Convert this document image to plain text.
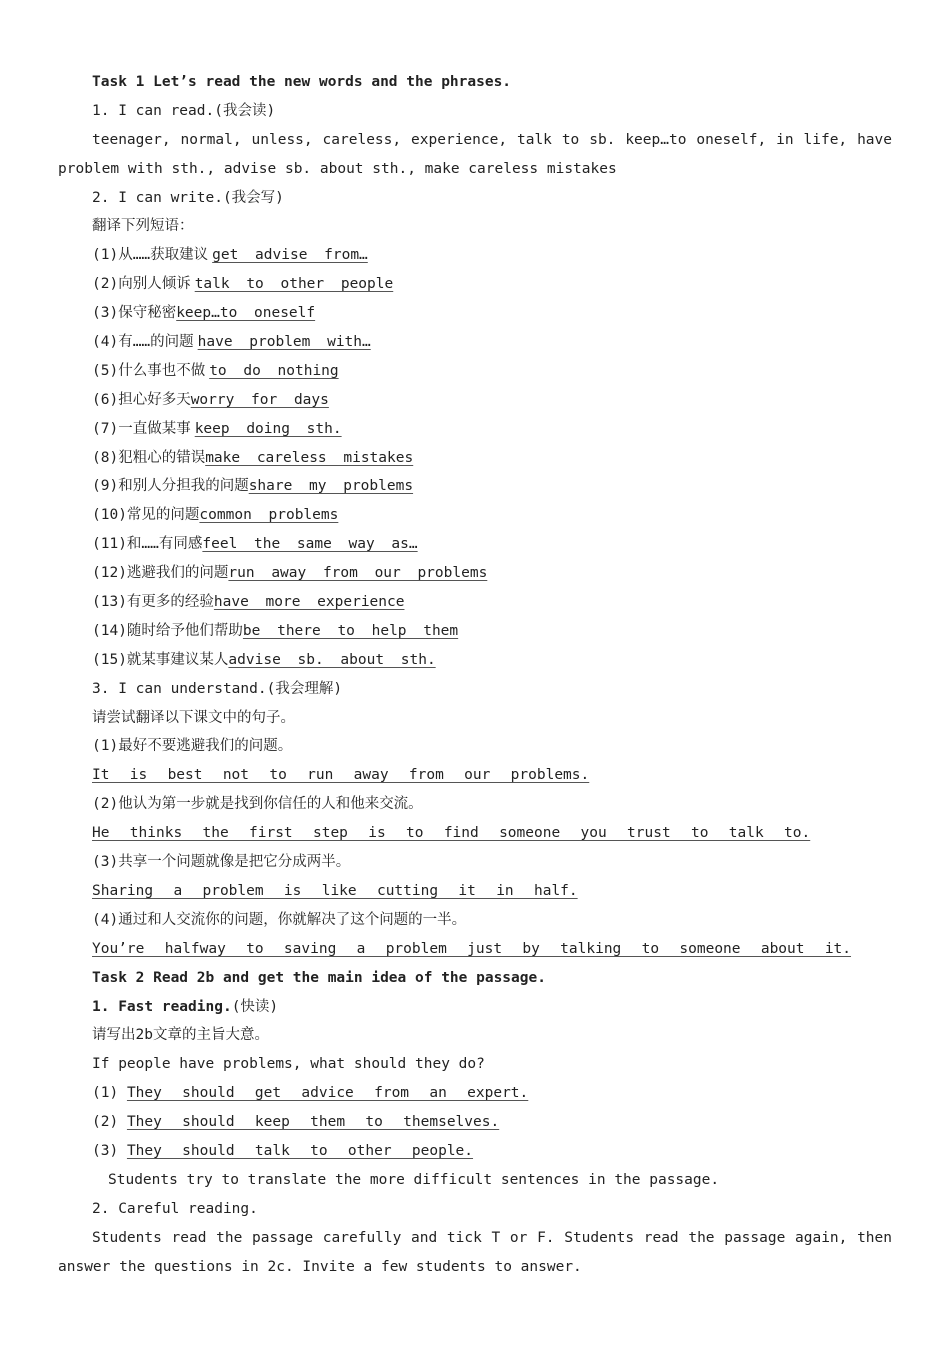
Task 1 Let’s read the new words and the phrases.
1. I can read.(我会读)
teenager, normal, unless, careless, experience, talk to sb. keep…to oneself, in life, have
problem with sth., advise sb. about sth., make careless mistakes
2. I can write.(我会写)
翻译下列短语：
(1)从……获取建议 get advise from…
(2)向别人倾诉 talk to other people
(3)保守秘密keep…to oneself
(4)有……的问题 have problem with…
(5)什么事也不做 to do nothing
(6)担心好多天worry for days
(7)一直做某事 keep doing sth.
(8)犯粗心的错误make careless mistakes
(9)和别人分担我的问题share my problems
(10)常见的问题common problems
(11)和……有同感feel the same way as…
(12)逃避我们的问题run away from our problems
(13)有更多的经验have more experience
(14)随时给予他们帮助be there to help them
(15)就某事建议某人advise sb. about sth.
3. I can understand.(我会理解)
请尝试翻译以下课文中的句子。
(1)最好不要逃避我们的问题。
It is best not to run away from our problems.
(2)他认为第一步就是找到你信任的人和他来交流。
He thinks the first step is to find someone you trust to talk to.
(3)共享一个问题就像是把它分成两半。
Sharing a problem is like cutting it in half.
(4)通过和人交流你的问题，你就解决了这个问题的一半。
You’re halfway to saving a problem just by talking to someone about it.
Task 2 Read 2b and get the main idea of the passage.
1. Fast reading.(快读)
请写出2b文章的主旨大意。
If people have problems, what should they do?
(1) They should get advice from an expert.
(2) They should keep them to themselves.
(3) They should talk to other people.
Students try to translate the more difficult sentences in the passage.
2. Careful reading.
Students read the passage carefully and tick T or F. Students read the passage again, then
answer the questions in 2c. Invite a few students to answer.
